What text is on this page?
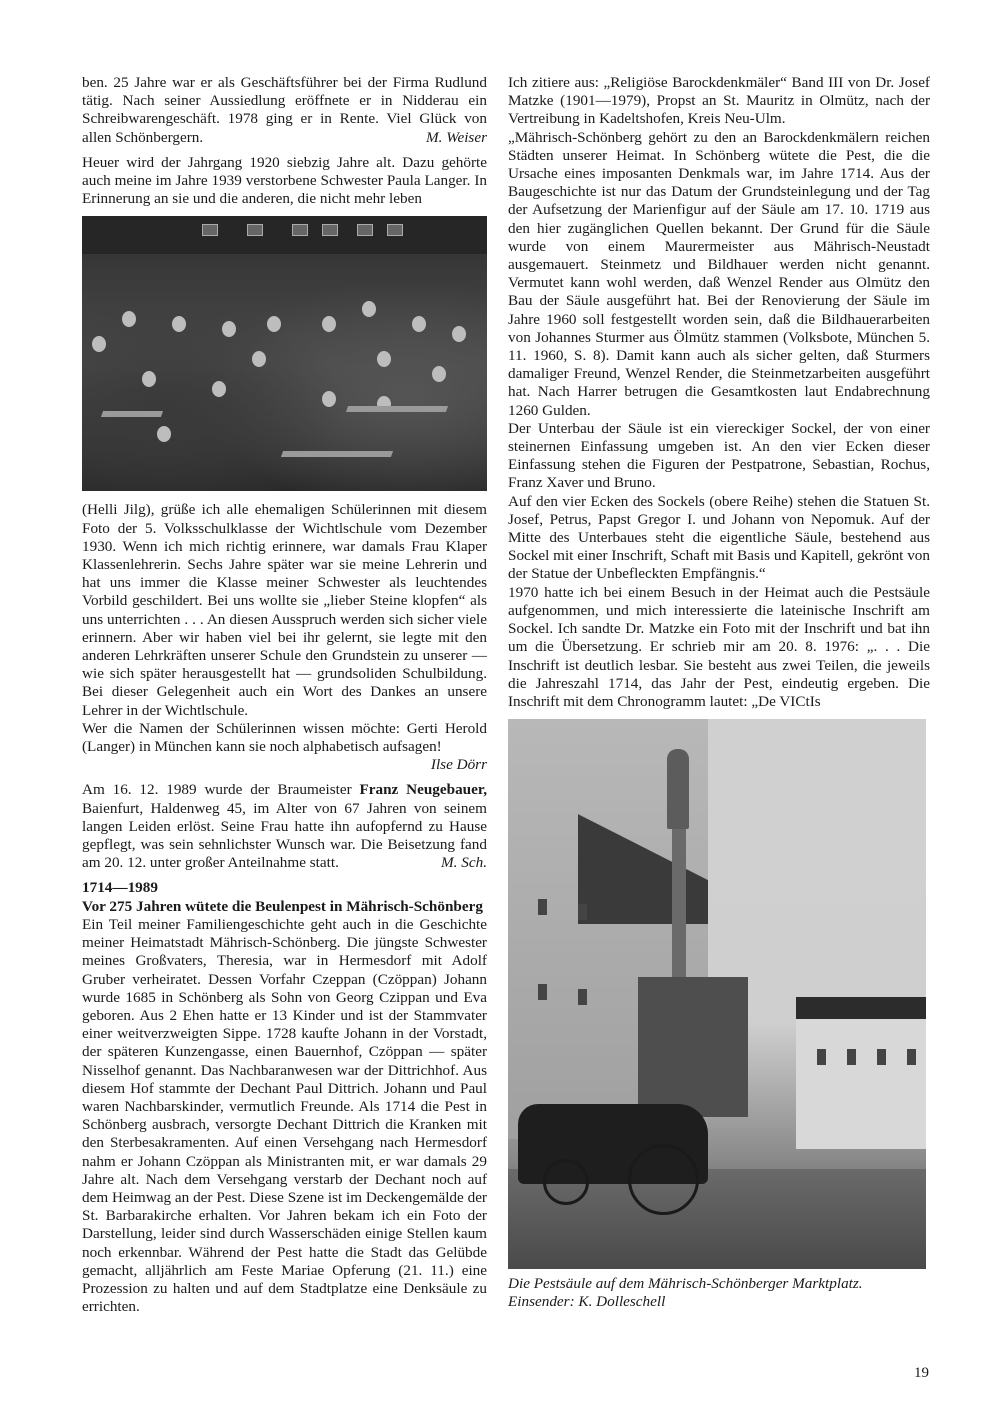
ben. 25 Jahre war er als Geschäftsführer bei der Firma Rudlund tätig. Nach seiner Aussiedlung eröffnete er in Nidderau ein Schreibwarengeschäft. 1978 ging er in Rente. Viel Glück von allen Schönbergern.	M. Weiser

Heuer wird der Jahrgang 1920 siebzig Jahre alt. Dazu gehörte auch meine im Jahre 1939 verstorbene Schwester Paula Langer. In Erinnerung an sie und die anderen, die nicht mehr leben

(Helli Jilg), grüße ich alle ehemaligen Schülerinnen mit diesem Foto der 5. Volksschulklasse der Wichtlschule vom Dezember 1930. Wenn ich mich richtig erinnere, war damals Frau Klaper Klassenlehrerin. Sechs Jahre später war sie meine Lehrerin und hat uns immer die Klasse meiner Schwester als leuchtendes Vorbild geschildert. Bei uns wollte sie „lieber Steine klopfen“ als uns unterrichten . . . An diesen Ausspruch werden sich sicher viele erinnern. Aber wir haben viel bei ihr gelernt, sie legte mit den anderen Lehrkräften unserer Schule den Grundstein zu unserer — wie sich später herausgestellt hat — grundsoliden Schulbildung. Bei dieser Gelegenheit auch ein Wort des Dankes an unsere Lehrer in der Wichtlschule.

Wer die Namen der Schülerinnen wissen möchte: Gerti Herold (Langer) in München kann sie noch alphabetisch aufsagen!

Ilse Dörr

Am 16. 12. 1989 wurde der Braumeister Franz Neugebauer, Baienfurt, Haldenweg 45, im Alter von 67 Jahren von seinem langen Leiden erlöst. Seine Frau hatte ihn aufopfernd zu Hause gepflegt, was sein sehnlichster Wunsch war. Die Beisetzung fand am 20. 12. unter großer Anteilnahme statt.	M. Sch.

1714—1989

Vor 275 Jahren wütete die Beulenpest in Mährisch-Schönberg

Ein Teil meiner Familiengeschichte geht auch in die Geschichte meiner Heimatstadt Mährisch-Schönberg. Die jüngste Schwester meines Großvaters, Theresia, war in Hermesdorf mit Adolf Gruber verheiratet. Dessen Vorfahr Czeppan (Czöppan) Johann wurde 1685 in Schönberg als Sohn von Georg Czippan und Eva geboren. Aus 2 Ehen hatte er 13 Kinder und ist der Stammvater einer weitverzweigten Sippe. 1728 kaufte Johann in der Vorstadt, der späteren Kunzengasse, einen Bauernhof, Czöppan — später Nisselhof genannt. Das Nachbaranwesen war der Dittrichhof. Aus diesem Hof stammte der Dechant Paul Dittrich. Johann und Paul waren Nachbarskinder, vermutlich Freunde. Als 1714 die Pest in Schönberg ausbrach, versorgte Dechant Dittrich die Kranken mit den Sterbesakramenten. Auf einen Versehgang nach Hermesdorf nahm er Johann Czöppan als Ministranten mit, er war damals 29 Jahre alt. Nach dem Versehgang verstarb der Dechant noch auf dem Heimwag an der Pest. Diese Szene ist im Deckengemälde der St. Barbarakirche erhalten. Vor Jahren bekam ich ein Foto der Darstellung, leider sind durch Wasserschäden einige Stellen kaum noch erkennbar. Während der Pest hatte die Stadt das Gelübde gemacht, alljährlich am Feste Mariae Opferung (21. 11.) eine Prozession zu halten und auf dem Stadtplatze eine Denksäule zu errichten.

Ich zitiere aus: „Religiöse Barockdenkmäler“ Band III von Dr. Josef Matzke (1901—1979), Propst an St. Mauritz in Olmütz, nach der Vertreibung in Kadeltshofen, Kreis Neu-Ulm.

„Mährisch-Schönberg gehört zu den an Barockdenkmälern reichen Städten unserer Heimat. In Schönberg wütete die Pest, die die Ursache eines imposanten Denkmals war, im Jahre 1714. Aus der Baugeschichte ist nur das Datum der Grundsteinlegung und der Tag der Aufsetzung der Marienfigur auf der Säule am 17. 10. 1719 aus den hier zugänglichen Quellen bekannt. Der Grund für die Säule wurde von einem Maurermeister aus Mährisch-Neustadt ausgemauert. Steinmetz und Bildhauer werden nicht genannt. Vermutet kann wohl werden, daß Wenzel Render aus Olmütz den Bau der Säule ausgeführt hat. Bei der Renovierung der Säule im Jahre 1960 soll festgestellt worden sein, daß die Bildhauerarbeiten von Johannes Sturmer aus Ölmütz stammen (Volksbote, München 5. 11. 1960, S. 8). Damit kann auch als sicher gelten, daß Sturmers damaliger Freund, Wenzel Render, die Steinmetzarbeiten ausgeführt hat. Nach Harrer betrugen die Gesamtkosten laut Endabrechnung 1260 Gulden.

Der Unterbau der Säule ist ein viereckiger Sockel, der von einer steinernen Einfassung umgeben ist. An den vier Ecken dieser Einfassung stehen die Figuren der Pestpatrone, Sebastian, Rochus, Franz Xaver und Bruno.

Auf den vier Ecken des Sockels (obere Reihe) stehen die Statuen St. Josef, Petrus, Papst Gregor I. und Johann von Nepomuk. Auf der Mitte des Unterbaues steht die eigentliche Säule, bestehend aus Sockel mit einer Inschrift, Schaft mit Basis und Kapitell, gekrönt von der Statue der Unbefleckten Empfängnis.“

1970 hatte ich bei einem Besuch in der Heimat auch die Pestsäule aufgenommen, und mich interessierte die lateinische Inschrift am Sockel. Ich sandte Dr. Matzke ein Foto mit der Inschrift und bat ihn um die Übersetzung. Er schrieb mir am 20. 8. 1976: „. . . Die Inschrift ist deutlich lesbar. Sie besteht aus zwei Teilen, die jeweils die Jahreszahl 1714, das Jahr der Pest, eindeutig ergeben. Die Inschrift mit dem Chronogramm lautet: „De VICtIs

Die Pestsäule auf dem Mährisch-Schönberger Marktplatz. Einsender: K. Dolleschell

19
